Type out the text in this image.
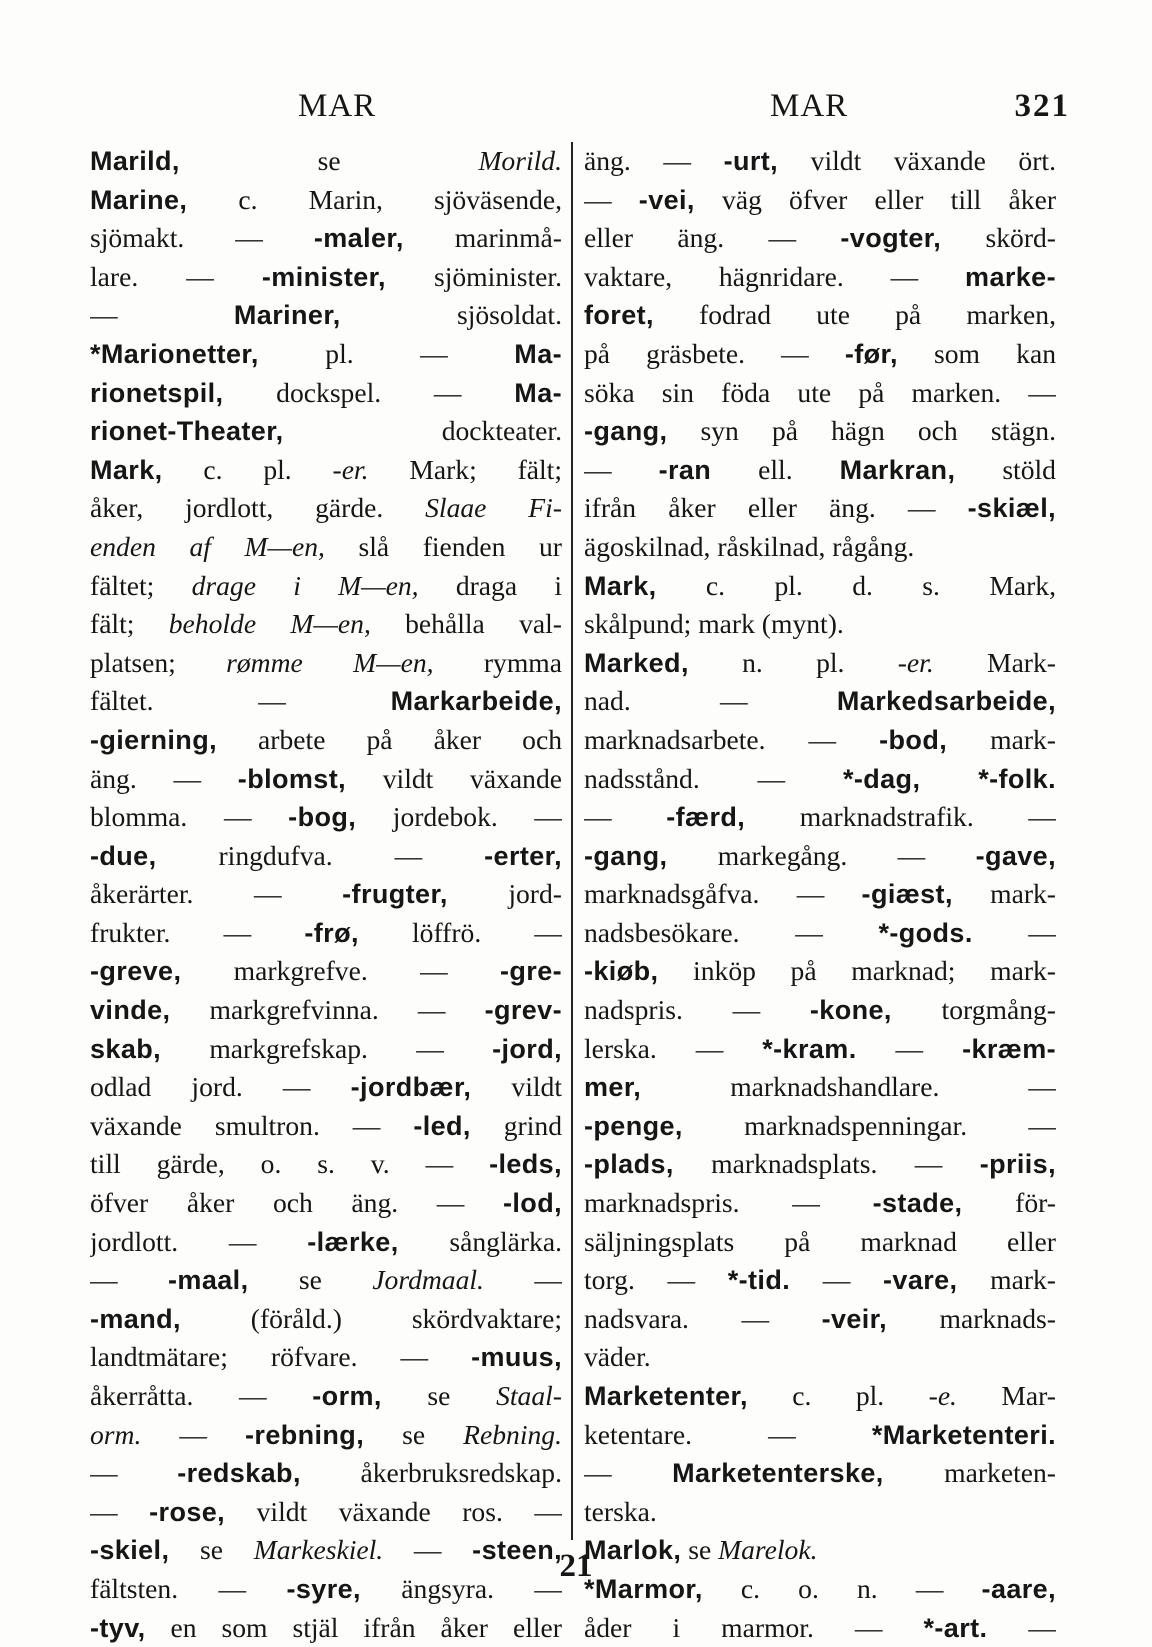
MAR	MAR	321
Marild, se Morild.
Marine, c. Marin, sjöväsende,
sjömakt. — -maler, marinmå-
lare. — -minister, sjöminister.
— Mariner, sjösoldat.
*Marionetter, pl. — Ma-
rionetspil, dockspel. — Ma-
rionet-Theater, dockteater.
Mark, c. pl. -er. Mark; fält;
åker, jordlott, gärde. Slaae Fi-
enden af M—en, slå fienden ur
fältet; drage i M—en, draga i
fält; beholde M—en, behålla val-
platsen; rømme M—en, rymma
fältet. — Markarbeide,
-gierning, arbete på åker och
äng. — -blomst, vildt växande
blomma. — -bog, jordebok. —
-due, ringdufva. — -erter,
åkerärter. — -frugter, jord-
frukter. — -frø, löffrö. —
-greve, markgrefve. — -gre-
vinde, markgrefvinna. — -grev-
skab, markgrefskap. — -jord,
odlad jord. — -jordbær, vildt
växande smultron. — -led, grind
till gärde, o. s. v. — -leds,
öfver åker och äng. — -lod,
jordlott. — -lærke, sånglärka.
— -maal, se Jordmaal. —
-mand, (föråld.) skördvaktare;
landtmätare; röfvare. — -muus,
åkerråtta. — -orm, se Staal-
orm. — -rebning, se Rebning.
— -redskab, åkerbruksredskap.
— -rose, vildt växande ros. —
-skiel, se Markeskiel. — -steen,
fältsten. — -syre, ängsyra. —
-tyv, en som stjäl ifrån åker eller
äng. — -urt, vildt växande ört.
— -vei, väg öfver eller till åker
eller äng. — -vogter, skörd-
vaktare, hägnridare. — marke-
foret, fodrad ute på marken,
på gräsbete. — -før, som kan
söka sin föda ute på marken. —
-gang, syn på hägn och stägn.
— -ran ell. Markran, stöld
ifrån åker eller äng. — -skiæl,
ägoskilnad, råskilnad, rågång.
Mark, c. pl. d. s. Mark,
skålpund; mark (mynt).
Marked, n. pl. -er. Mark-
nad. — Markedsarbeide,
marknadsarbete. — -bod, mark-
nadsstånd. — *-dag, *-folk.
— -færd, marknadstrafik. —
-gang, markegång. — -gave,
marknadsgåfva. — -giæst, mark-
nadsbesökare. — *-gods. —
-kiøb, inköp på marknad; mark-
nadspris. — -kone, torgmång-
lerska. — *-kram. — -kræm-
mer, marknadshandlare. —
-penge, marknadspenningar. —
-plads, marknadsplats. — -priis,
marknadspris. — -stade, för-
säljningsplats på marknad eller
torg. — *-tid. — -vare, mark-
nadsvara. — -veir, marknads-
väder.
Marketenter, c. pl. -e. Mar-
ketentare. — *Marketenteri.
— Marketenterske, marketen-
terska.
Marlok, se Marelok.
*Marmor, c. o. n. — -aare,
åder i marmor. — *-art. —
21
